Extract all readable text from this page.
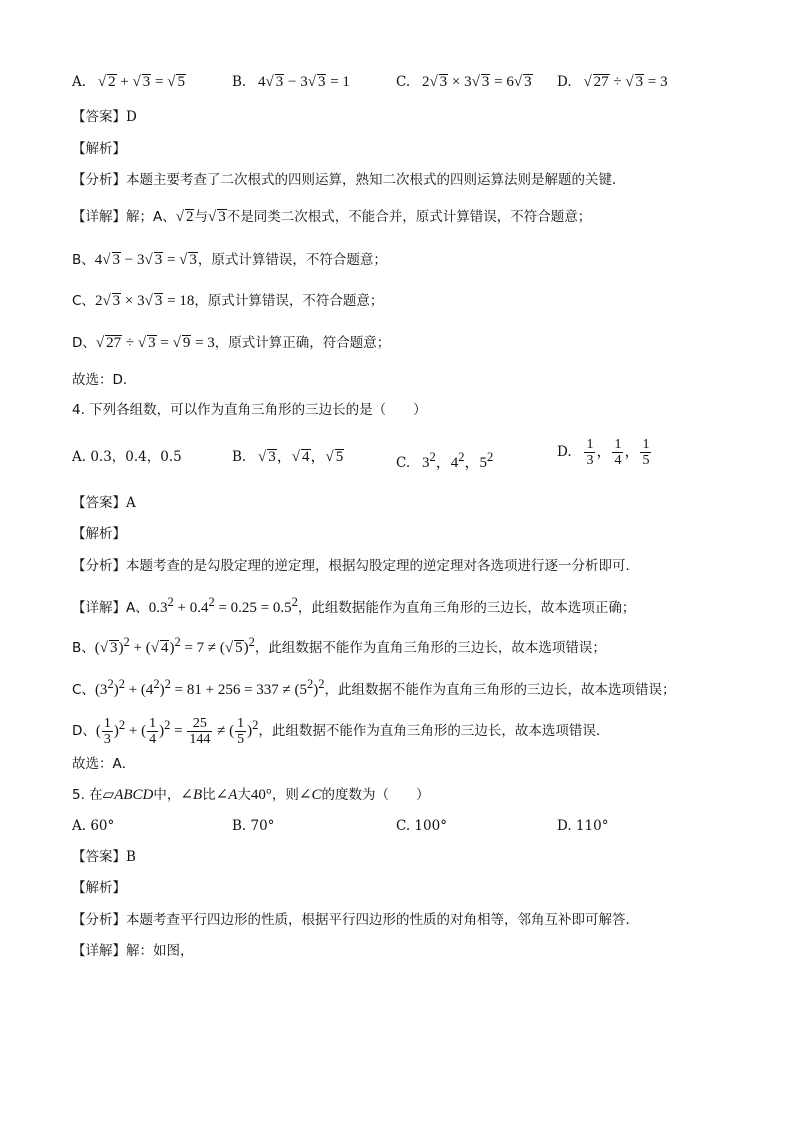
A. √ 2 + √ 3 = √ 5	B.   4√ 3 − 3√ 3 = 1	C.   2√ 3 × 3√ 3 = 6√ 3 D. √ 27 ÷ √ 3 = 3
【答案】D
【解析】
【分析】本题主要考查了二次根式的四则运算，熟知二次根式的四则运算法则是解题的关键．
【详解】解；A、√ 2与√ 3不是同类二次根式，不能合并，原式计算错误，不符合题意；
B、4√ 3 − 3√ 3 = √ 3，原式计算错误，不符合题意；
C、2√ 3 × 3√ 3 = 18，原式计算错误，不符合题意；
D、√ 27 ÷ √ 3 = √ 9 = 3，原式计算正确，符合题意；
故选：D．
4. 下列各组数，可以作为直角三角形的三边长的是（　　）
A. 0.3，0.4，0.5	B. √ 3，√ 4，√ 5	C.   $3^2$，$4^2$，$5^2$	D. $\frac{1}{3}$ ， $\frac{1}{4}$ ， $\frac{1}{5}$
【答案】A
【解析】
【分析】本题考查的是勾股定理的逆定理，根据勾股定理的逆定理对各选项进行逐一分析即可．
【详解】A、$0.3^2 + 0.4^2 = 0.25 = 0.5^2$，此组数据能作为直角三角形的三边长，故本选项正确；
B、(√ 3)$^2$ + (√ 4)$^2$ = 7 ≠ (√ 5)$^2$，此组数据不能作为直角三角形的三边长，故本选项错误；
C、$(3^2)^2 + (4^2)^2 = 81 + 256 = 337 \ne (5^2)^2$，此组数据不能作为直角三角形的三边长，故本选项错误；
D、( $\frac{1}{3} )^2$ + ( $\frac{1}{4} )^2 = \frac{25}{144}$ ≠ ( $\frac{1}{5} )^2$，此组数据不能作为直角三角形的三边长，故本选项错误．
故选：A．
5. 在▱ABCD中，∠B比∠A大40°，则∠C的度数为（　　）
A. 60°	B. 70°	C. 100°	D. 110°
【答案】B
【解析】
【分析】本题考查平行四边形的性质，根据平行四边形的性质的对角相等，邻角互补即可解答．
【详解】解：如图，
